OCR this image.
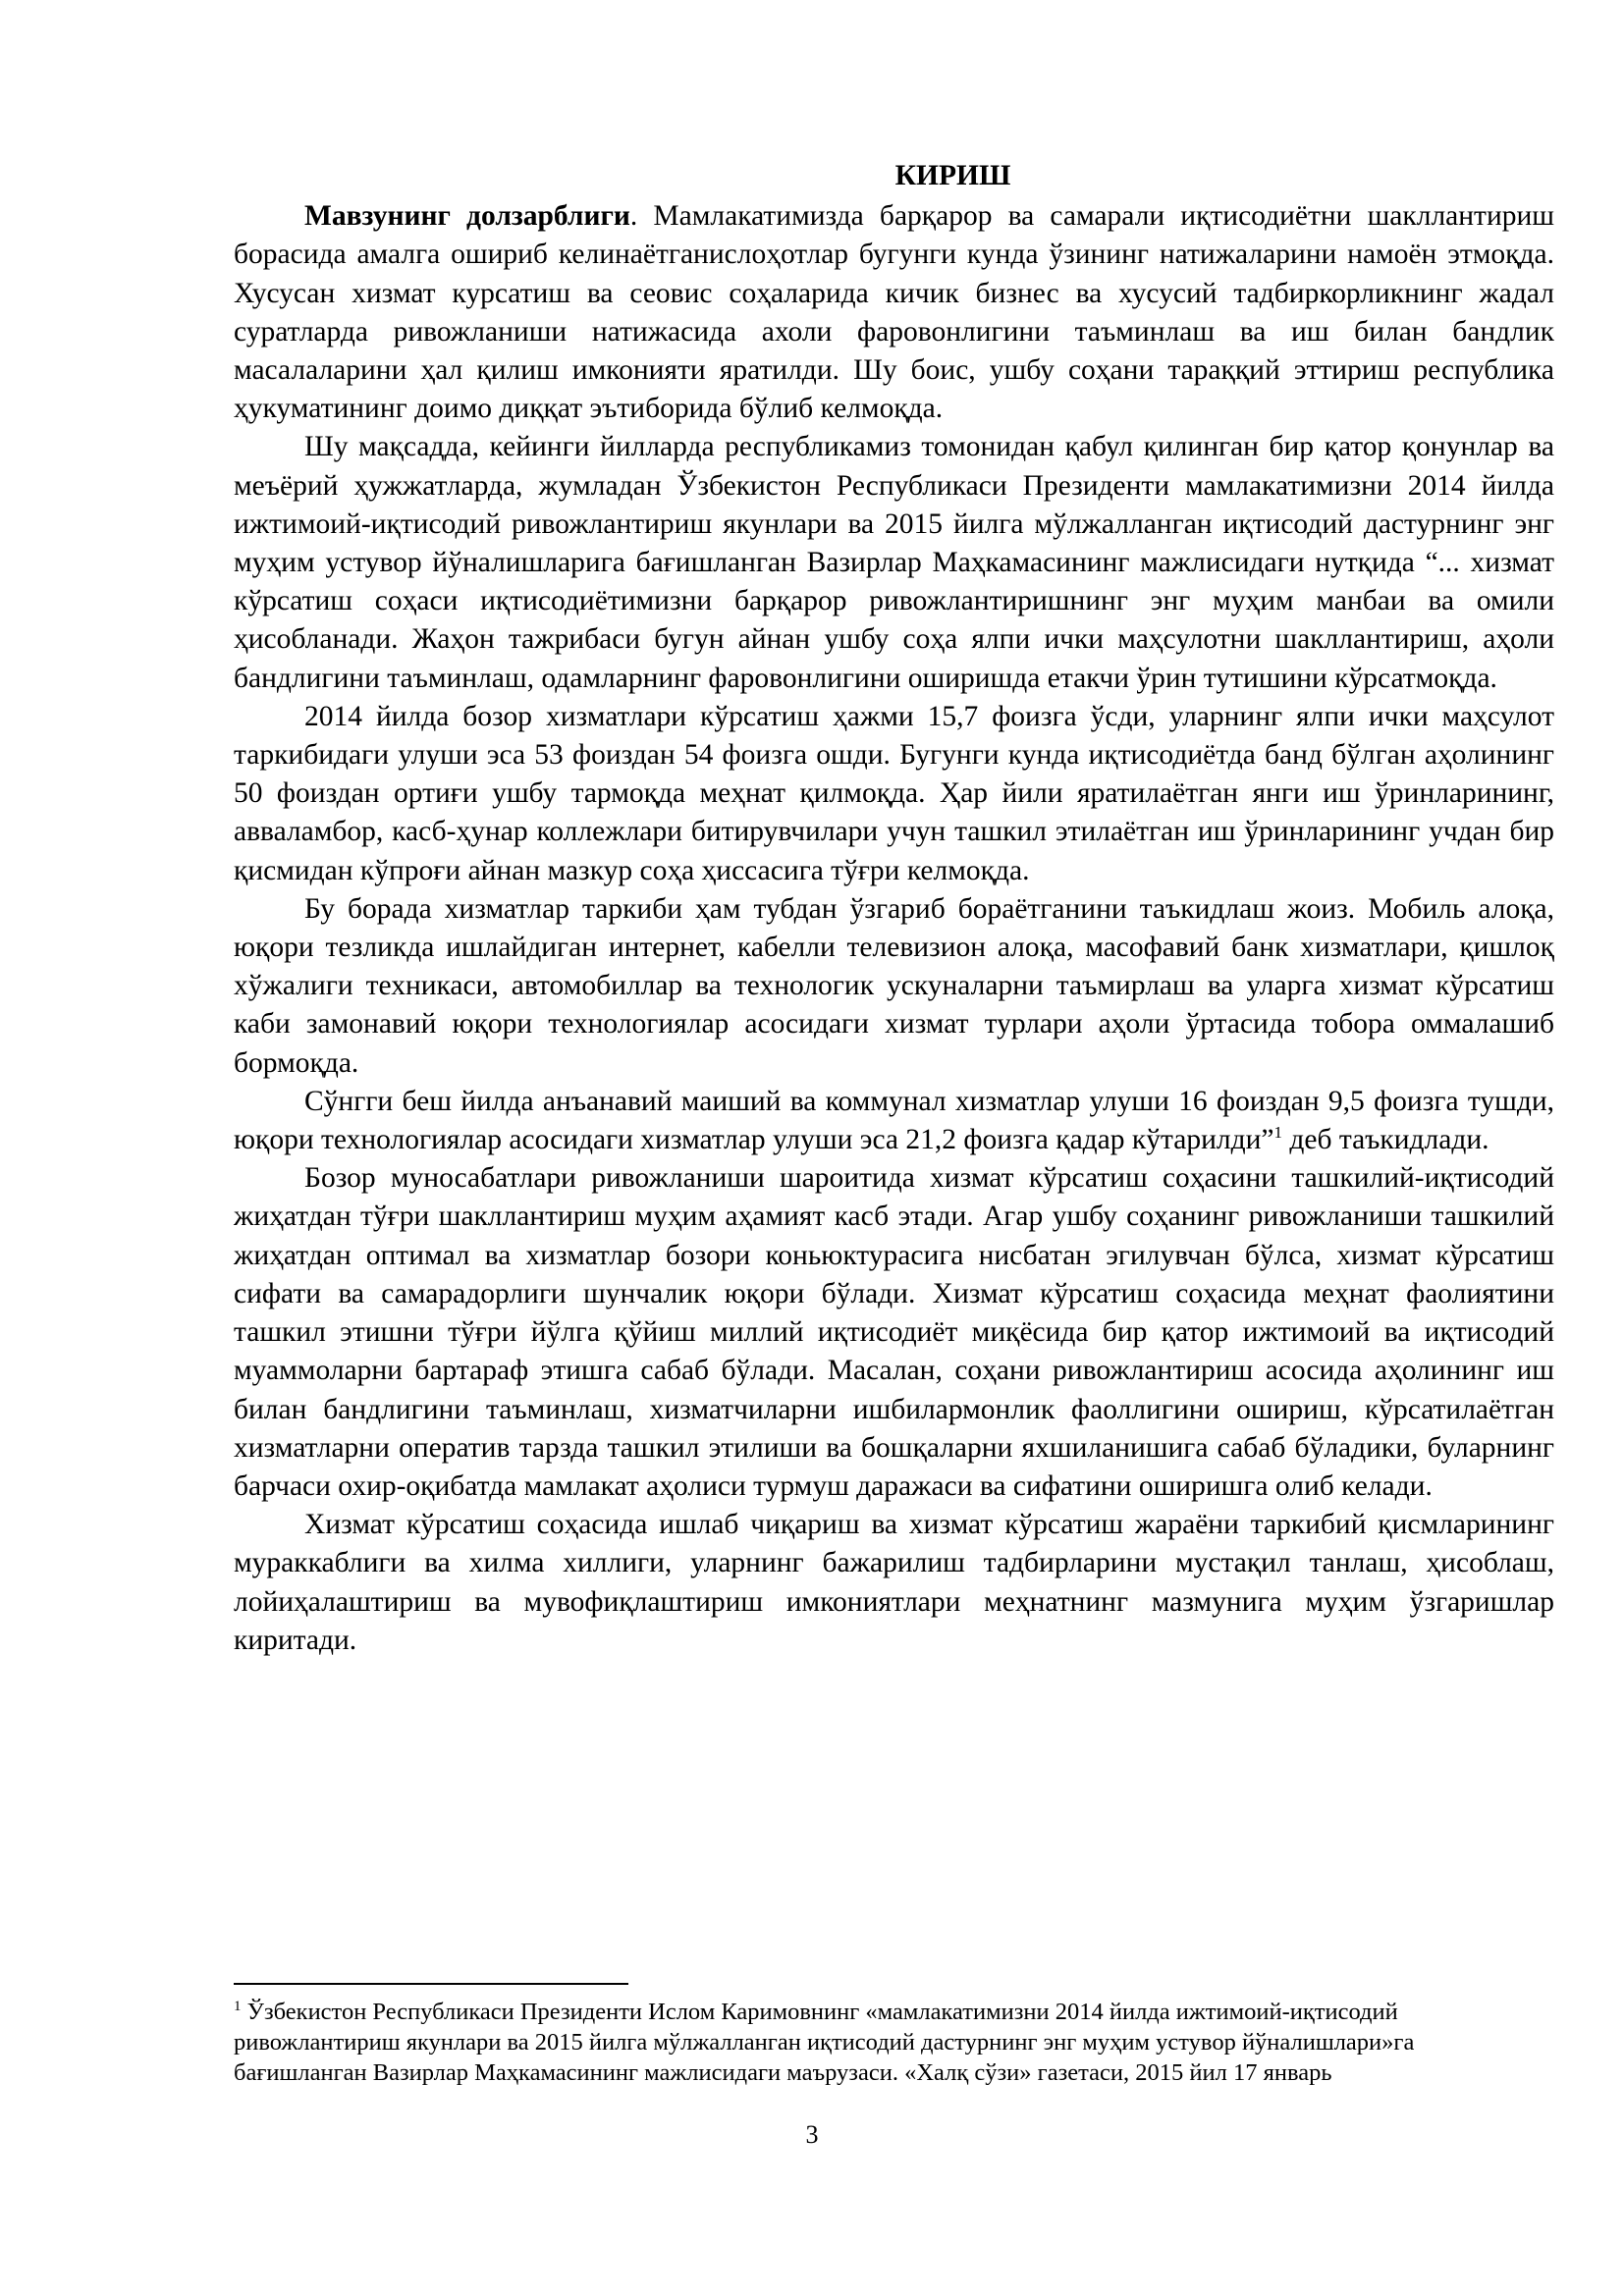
КИРИШ

Мавзунинг долзарблиги. Мамлакатимизда барқарор ва самарали иқтисодиётни шакллантириш борасида амалга ошириб келинаётганислоҳотлар бугунги кунда ўзининг натижаларини намоён этмоқда. Хусусан хизмат курсатиш ва сеовис соҳаларида кичик бизнес ва хусусий тадбиркорликнинг жадал суратларда ривожланиши натижасида ахоли фаровонлигини таъминлаш ва иш билан бандлик масалаларини ҳал қилиш имконияти яратилди. Шу боис, ушбу соҳани тараққий эттириш республика ҳукуматининг доимо диққат эътиборида бўлиб келмоқда.

Шу мақсадда, кейинги йилларда республикамиз томонидан қабул қилинган бир қатор қонунлар ва меъёрий ҳужжатларда, жумладан Ўзбекистон Республикаси Президенти мамлакатимизни 2014 йилда ижтимоий-иқтисодий ривожлантириш якунлари ва 2015 йилга мўлжалланган иқтисодий дастурнинг энг муҳим устувор йўналишларига бағишланган Вазирлар Маҳкамасининг мажлисидаги нутқида “... хизмат кўрсатиш соҳаси иқтисодиётимизни барқарор ривожлантиришнинг энг муҳим манбаи ва омили ҳисобланади. Жаҳон тажрибаси бугун айнан ушбу соҳа ялпи ички маҳсулотни шакллантириш, аҳоли бандлигини таъминлаш, одамларнинг фаровонлигини оширишда етакчи ўрин тутишини кўрсатмоқда.

2014 йилда бозор хизматлари кўрсатиш ҳажми 15,7 фоизга ўсди, уларнинг ялпи ички маҳсулот таркибидаги улуши эса 53 фоиздан 54 фоизга ошди. Бугунги кунда иқтисодиётда банд бўлган аҳолининг 50 фоиздан ортиғи ушбу тармоқда меҳнат қилмоқда. Ҳар йили яратилаётган янги иш ўринларининг, авваламбор, касб-ҳунар коллежлари битирувчилари учун ташкил этилаётган иш ўринларининг учдан бир қисмидан кўпроғи айнан мазкур соҳа ҳиссасига тўғри келмоқда.

Бу борада хизматлар таркиби ҳам тубдан ўзгариб бораётганини таъкидлаш жоиз. Мобиль алоқа, юқори тезликда ишлайдиган интернет, кабелли телевизион алоқа, масофавий банк хизматлари, қишлоқ хўжалиги техникаси, автомобиллар ва технологик ускуналарни таъмирлаш ва уларга хизмат кўрсатиш каби замонавий юқори технологиялар асосидаги хизмат турлари аҳоли ўртасида тобора оммалашиб бормоқда.

Сўнгги беш йилда анъанавий маиший ва коммунал хизматлар улуши 16 фоиздан 9,5 фоизга тушди, юқори технологиялар асосидаги хизматлар улуши эса 21,2 фоизга қадар кўтарилди”$^1$ деб таъкидлади.

Бозор муносабатлари ривожланиши шароитида хизмат кўрсатиш соҳасини ташкилий-иқтисодий жиҳатдан тўғри шакллантириш муҳим аҳамият касб этади. Агар ушбу соҳанинг ривожланиши ташкилий жиҳатдан оптимал ва хизматлар бозори коньюктурасига нисбатан эгилувчан бўлса, хизмат кўрсатиш сифати ва самарадорлиги шунчалик юқори бўлади. Хизмат кўрсатиш соҳасида меҳнат фаолиятини ташкил этишни тўғри йўлга қўйиш миллий иқтисодиёт миқёсида бир қатор ижтимоий ва иқтисодий муаммоларни бартараф этишга сабаб бўлади. Масалан, соҳани ривожлантириш асосида аҳолининг иш билан бандлигини таъминлаш, хизматчиларни ишбилармонлик фаоллигини ошириш, кўрсатилаётган хизматларни оператив тарзда ташкил этилиши ва бошқаларни яхшиланишига сабаб бўладики, буларнинг барчаси охир-оқибатда мамлакат аҳолиси турмуш даражаси ва сифатини оширишга олиб келади.

Хизмат кўрсатиш соҳасида ишлаб чиқариш ва хизмат кўрсатиш жараёни таркибий қисмларининг мураккаблиги ва хилма хиллиги, уларнинг бажарилиш тадбирларини мустақил танлаш, ҳисоблаш, лойиҳалаштириш ва мувофиқлаштириш имкониятлари меҳнатнинг мазмунига муҳим ўзгаришлар киритади.

$^1$ Ўзбекистон Республикаси Президенти Ислом Каримовнинг «мамлакатимизни 2014 йилда ижтимоий-иқтисодий ривожлантириш якунлари ва 2015 йилга мўлжалланган иқтисодий дастурнинг энг муҳим устувор йўналишлари»га бағишланган Вазирлар Маҳкамасининг мажлисидаги маърузаси. «Халқ сўзи» газетаси, 2015 йил 17 январь
3
